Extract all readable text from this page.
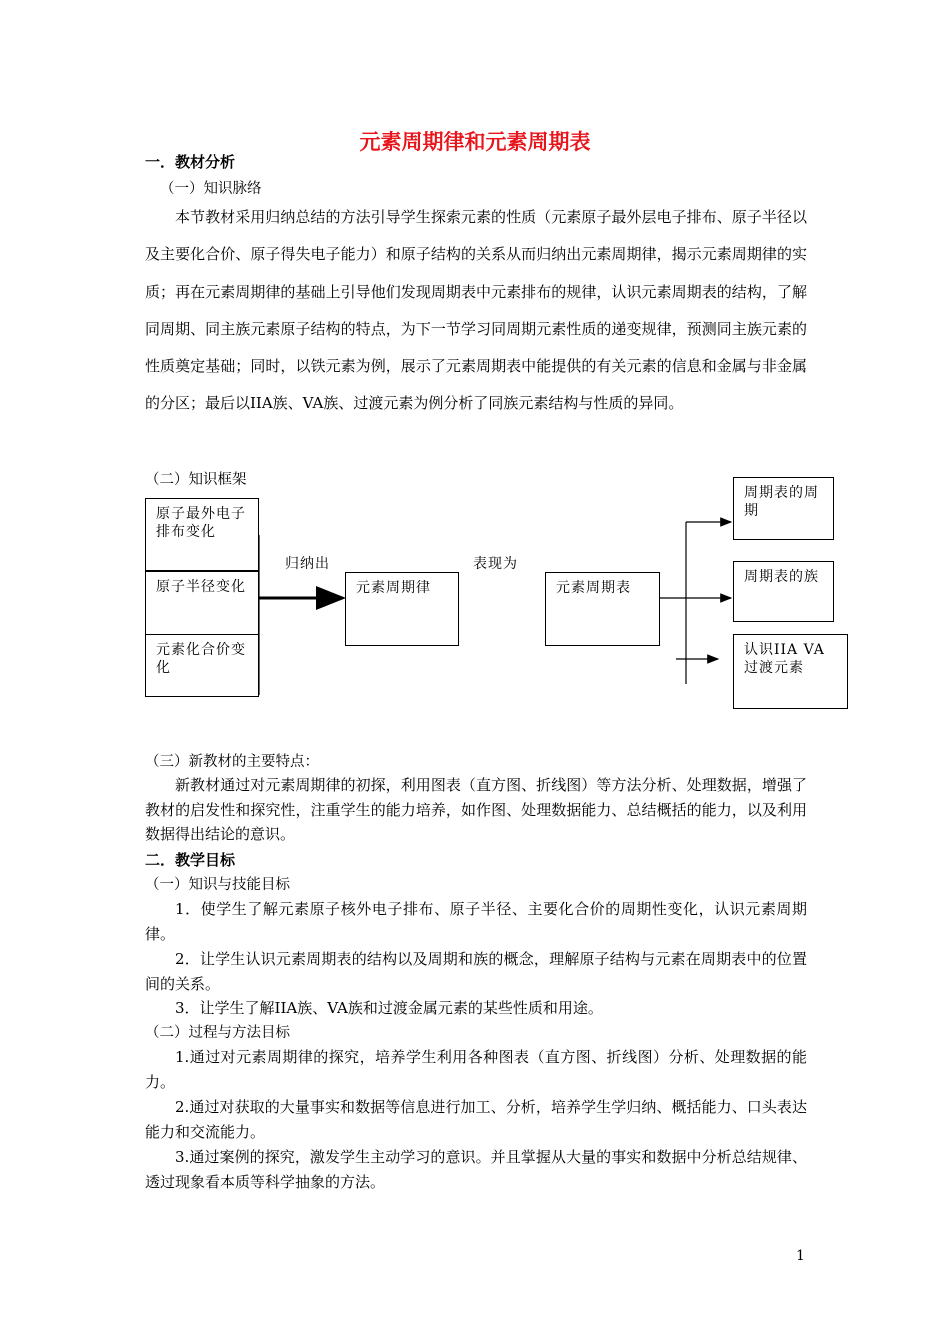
元素周期律和元素周期表
一．教材分析
（一）知识脉络
本节教材采用归纳总结的方法引导学生探索元素的性质（元素原子最外层电子排布、原子半径以及主要化合价、原子得失电子能力）和原子结构的关系从而归纳出元素周期律，揭示元素周期律的实质；再在元素周期律的基础上引导他们发现周期表中元素排布的规律，认识元素周期表的结构，了解同周期、同主族元素原子结构的特点，为下一节学习同周期元素性质的递变规律，预测同主族元素的性质奠定基础；同时，以铁元素为例，展示了元素周期表中能提供的有关元素的信息和金属与非金属的分区；最后以IIA族、VA族、过渡元素为例分析了同族元素结构与性质的异同。
（二）知识框架
原子最外电子排布变化
原子半径变化
元素化合价变化
归纳出
元素周期律
表现为
元素周期表
周期表的周期
周期表的族
认识IIA VA过渡元素
（三）新教材的主要特点：
新教材通过对元素周期律的初探，利用图表（直方图、折线图）等方法分析、处理数据，增强了教材的启发性和探究性，注重学生的能力培养，如作图、处理数据能力、总结概括的能力，以及利用数据得出结论的意识。
二．教学目标
（一）知识与技能目标
1．使学生了解元素原子核外电子排布、原子半径、主要化合价的周期性变化，认识元素周期律。
2．让学生认识元素周期表的结构以及周期和族的概念，理解原子结构与元素在周期表中的位置间的关系。
3．让学生了解IIA族、VA族和过渡金属元素的某些性质和用途。
（二）过程与方法目标
1.通过对元素周期律的探究，培养学生利用各种图表（直方图、折线图）分析、处理数据的能力。
2.通过对获取的大量事实和数据等信息进行加工、分析，培养学生学归纳、概括能力、口头表达能力和交流能力。
3.通过案例的探究，激发学生主动学习的意识。并且掌握从大量的事实和数据中分析总结规律、透过现象看本质等科学抽象的方法。
1
